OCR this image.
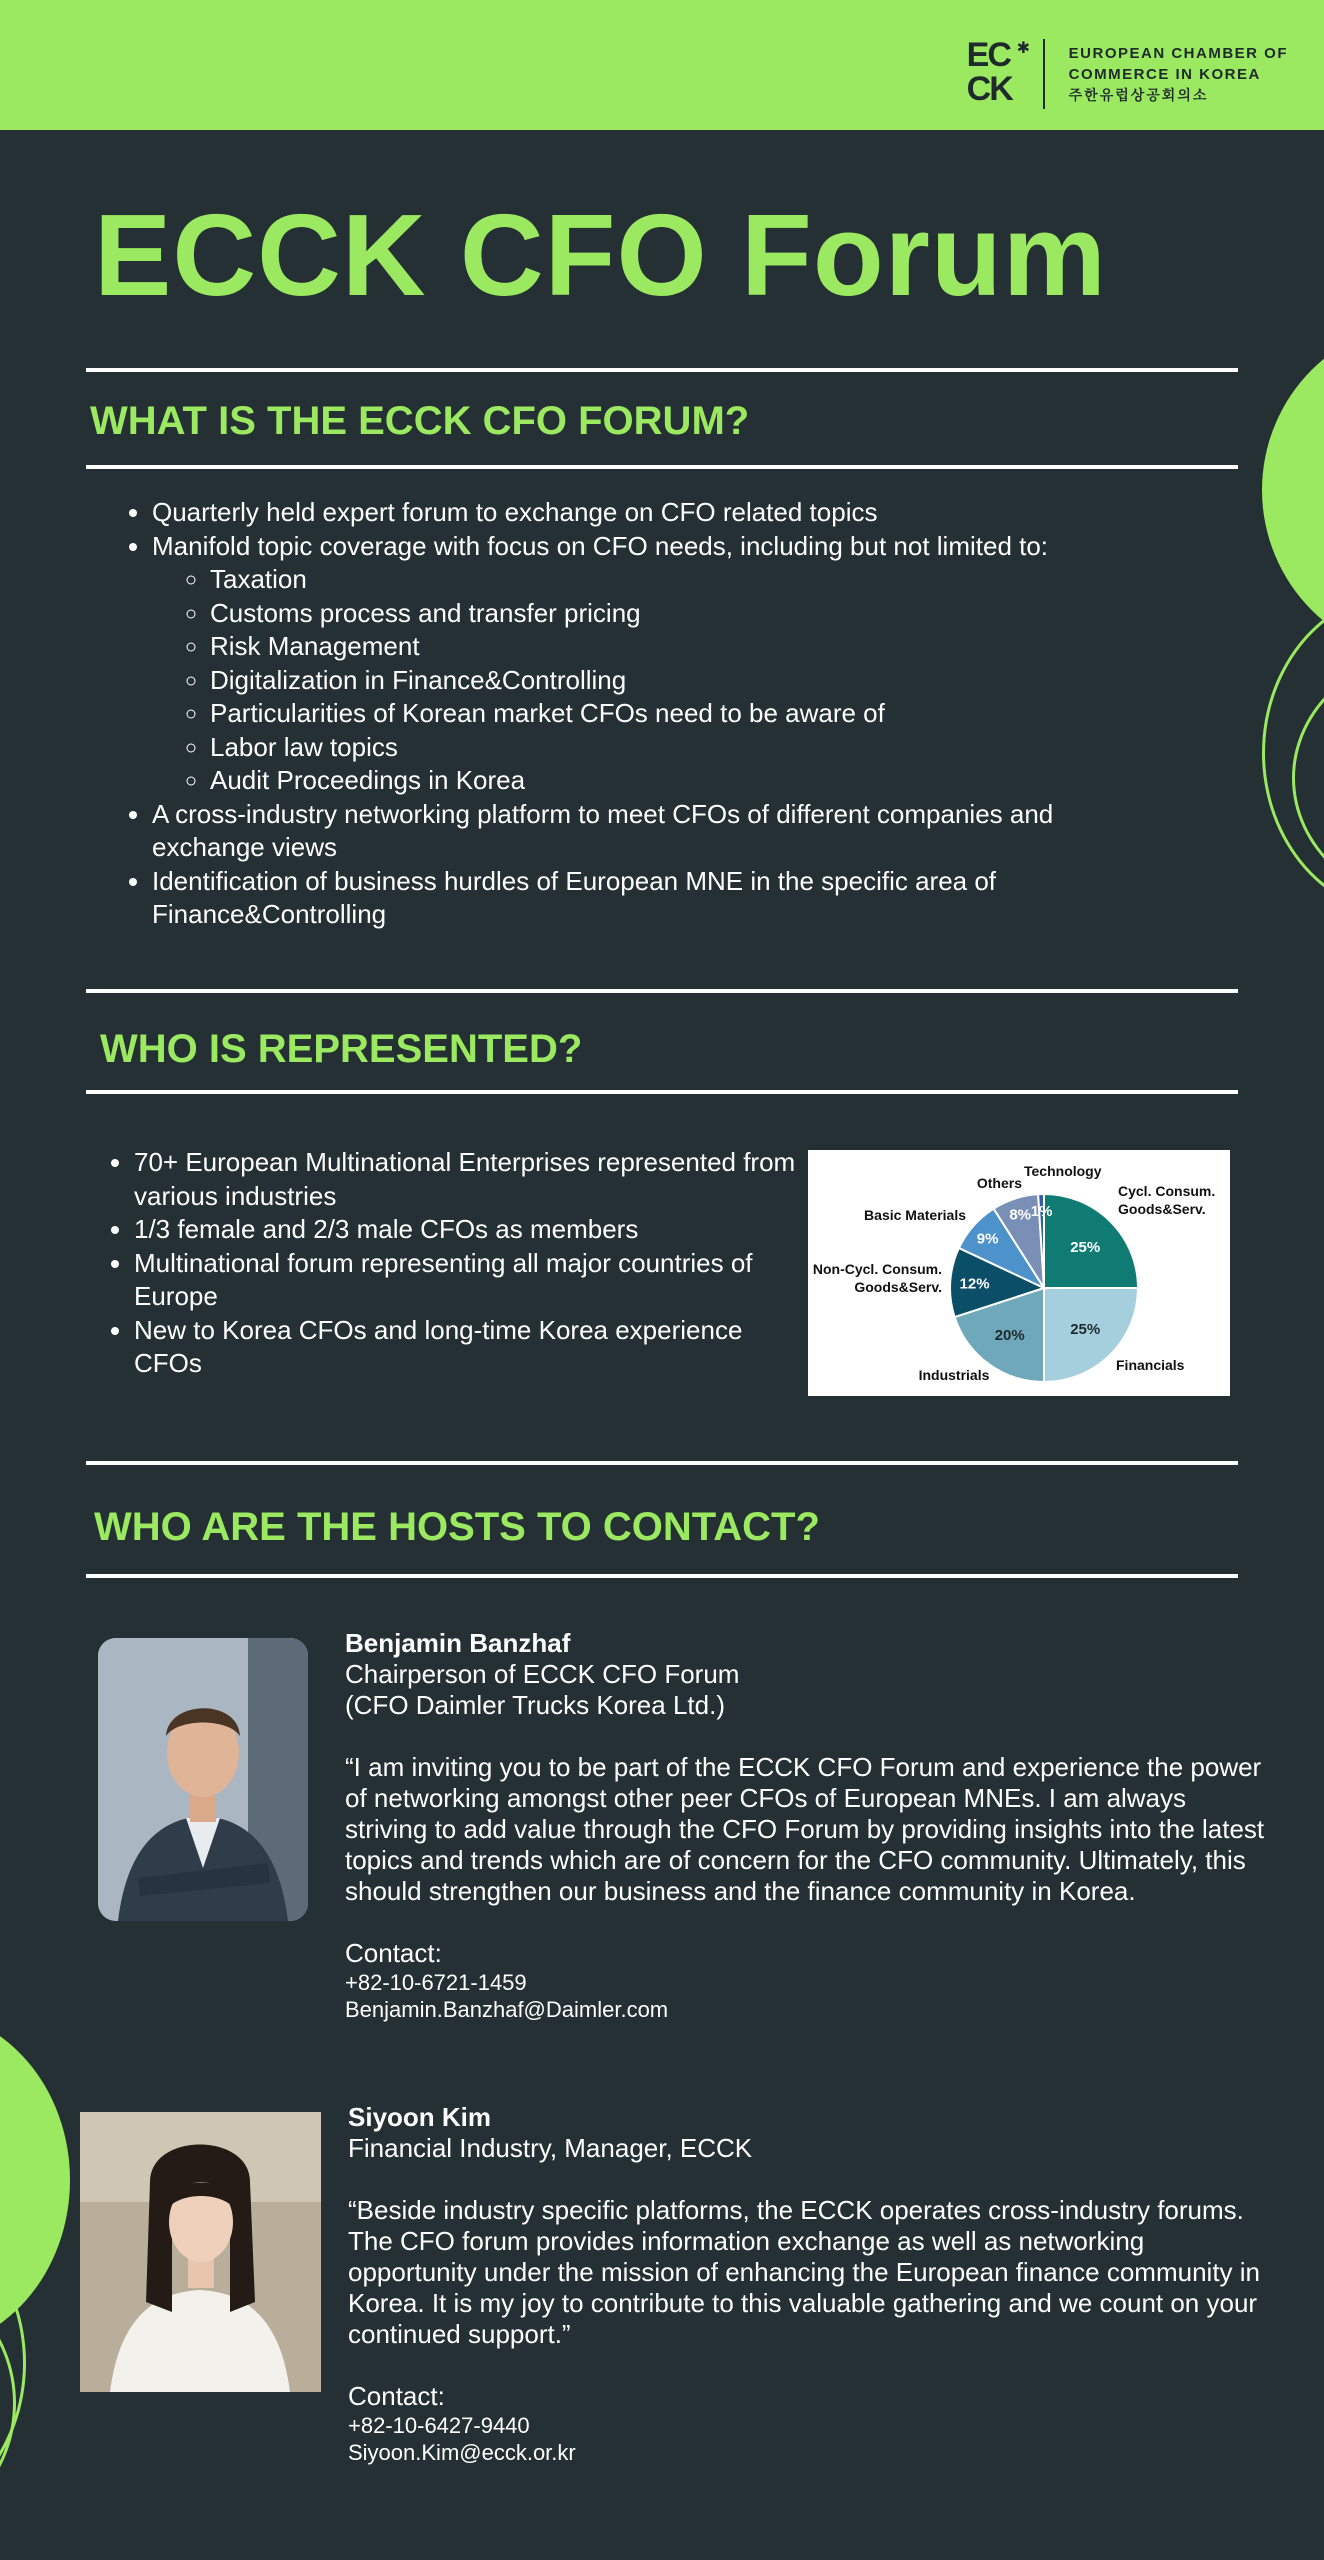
EC
CK
✱	EUROPEAN CHAMBER OF
COMMERCE IN KOREA
주한유럽상공회의소
ECCK CFO Forum
WHAT IS THE ECCK CFO FORUM?
• Quarterly held expert forum to exchange on CFO related topics
• Manifold topic coverage with focus on CFO needs, including but not limited to:
◦ Taxation
◦ Customs process and transfer pricing
◦ Risk Management
◦ Digitalization in Finance&Controlling
◦ Particularities of Korean market CFOs need to be aware of
◦ Labor law topics
◦ Audit Proceedings in Korea
• A cross-industry networking platform to meet CFOs of different companies and exchange views
• Identification of business hurdles of European MNE in the specific area of Finance&Controlling
WHO IS REPRESENTED?
• 70+ European Multinational Enterprises represented from various industries
• 1/3 female and 2/3 male CFOs as members
• Multinational forum representing all major countries of Europe
• New to Korea CFOs and long-time Korea experience CFOs
25%
Cycl. Consum. Goods&Serv.
25%
Financials
20%
Industrials
12%
Non-Cycl. Consum. Goods&Serv.
9%
Basic Materials	8%
Others
1%
Technology
WHO ARE THE HOSTS TO CONTACT?
Benjamin Banzhaf
Chairperson of ECCK CFO Forum
(CFO Daimler Trucks Korea Ltd.)
“I am inviting you to be part of the ECCK CFO Forum and experience the power of networking amongst other peer CFOs of European MNEs. I am always striving to add value through the CFO Forum by providing insights into the latest topics and trends which are of concern for the CFO community. Ultimately, this should strengthen our business and the finance community in Korea.
Contact:
+82-10-6721-1459
Benjamin.Banzhaf@Daimler.com
Siyoon Kim
Financial Industry, Manager, ECCK
“Beside industry specific platforms, the ECCK operates cross-industry forums. The CFO forum provides information exchange as well as networking opportunity under the mission of enhancing the European finance community in Korea. It is my joy to contribute to this valuable gathering and we count on your continued support.”
Contact:
+82-10-6427-9440
Siyoon.Kim@ecck.or.kr
